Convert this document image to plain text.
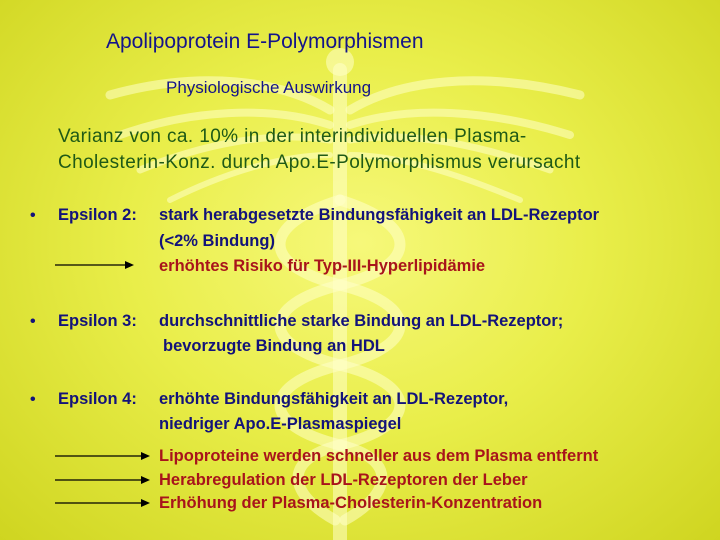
Apolipoprotein E-Polymorphismen
Physiologische Auswirkung
Varianz von ca. 10% in der interindividuellen Plasma-
Cholesterin-Konz. durch Apo.E-Polymorphismus verursacht
• Epsilon 2: stark herabgesetzte Bindungsfähigkeit an LDL-Rezeptor
(<2% Bindung)
erhöhtes Risiko für Typ-III-Hyperlipidämie
• Epsilon 3: durchschnittliche starke Bindung an LDL-Rezeptor;
bevorzugte Bindung an HDL
• Epsilon 4: erhöhte Bindungsfähigkeit an LDL-Rezeptor,
niedriger Apo.E-Plasmaspiegel
Lipoproteine werden schneller aus dem Plasma entfernt
Herabregulation der LDL-Rezeptoren der Leber
Erhöhung der Plasma-Cholesterin-Konzentration
